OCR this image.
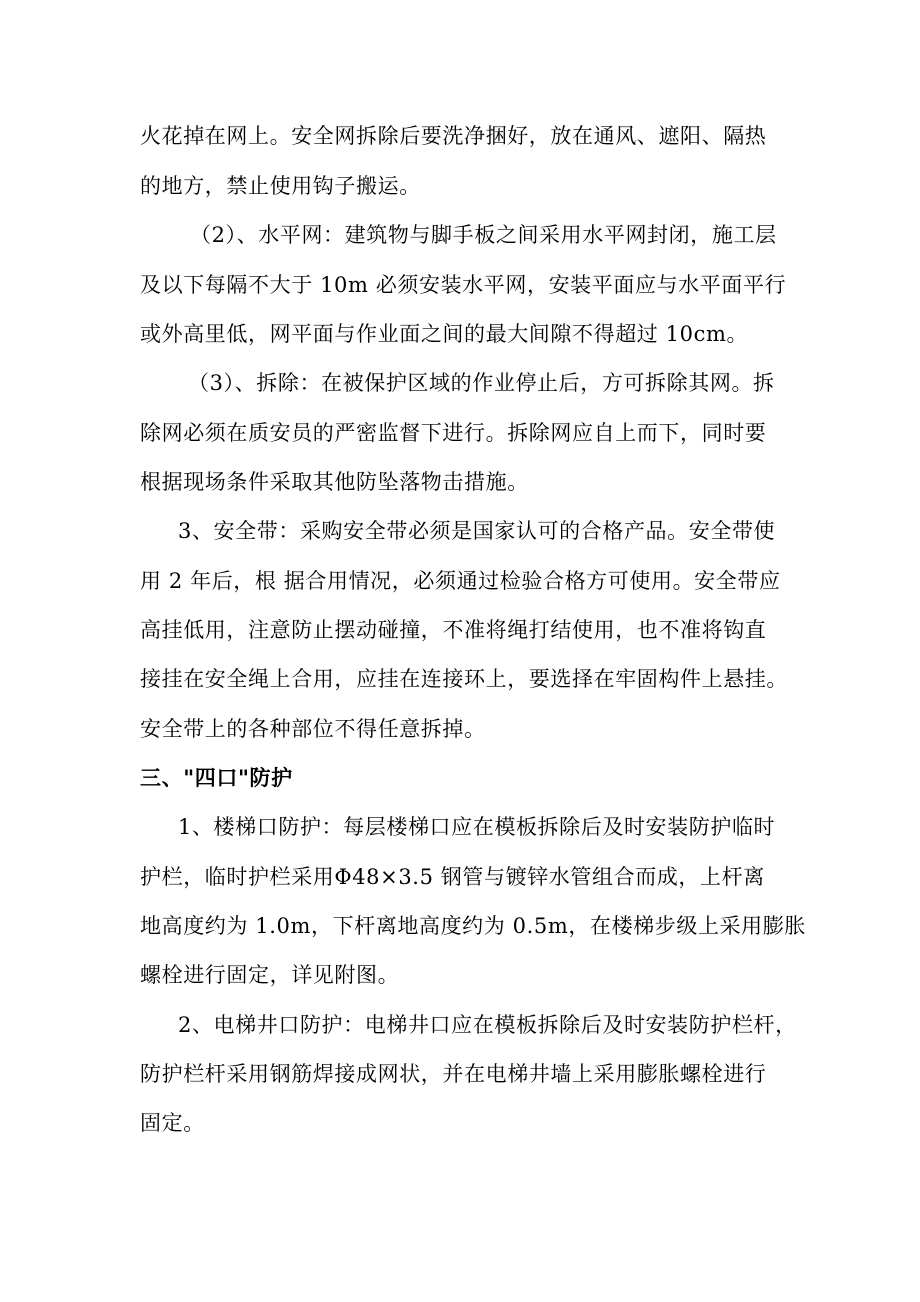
火花掉在网上。安全网拆除后要洗净捆好，放在通风、遮阳、隔热
的地方，禁止使用钩子搬运。
（2）、水平网：建筑物与脚手板之间采用水平网封闭，施工层
及以下每隔不大于 10m 必须安装水平网，安装平面应与水平面平行
或外高里低，网平面与作业面之间的最大间隙不得超过 10cm。
（3）、拆除：在被保护区域的作业停止后，方可拆除其网。拆
除网必须在质安员的严密监督下进行。拆除网应自上而下，同时要
根据现场条件采取其他防坠落物击措施。
3、安全带：采购安全带必须是国家认可的合格产品。安全带使
用 2 年后，根 据合用情况，必须通过检验合格方可使用。安全带应
高挂低用，注意防止摆动碰撞，不准将绳打结使用，也不准将钩直
接挂在安全绳上合用，应挂在连接环上，要选择在牢固构件上悬挂。
安全带上的各种部位不得任意拆掉。
三、"四口"防护
1、楼梯口防护：每层楼梯口应在模板拆除后及时安装防护临时
护栏，临时护栏采用Φ48×3.5 钢管与镀锌水管组合而成，上杆离
地高度约为 1.0m，下杆离地高度约为 0.5m，在楼梯步级上采用膨胀
螺栓进行固定，详见附图。
2、电梯井口防护：电梯井口应在模板拆除后及时安装防护栏杆，
防护栏杆采用钢筋焊接成网状，并在电梯井墙上采用膨胀螺栓进行
固定。
